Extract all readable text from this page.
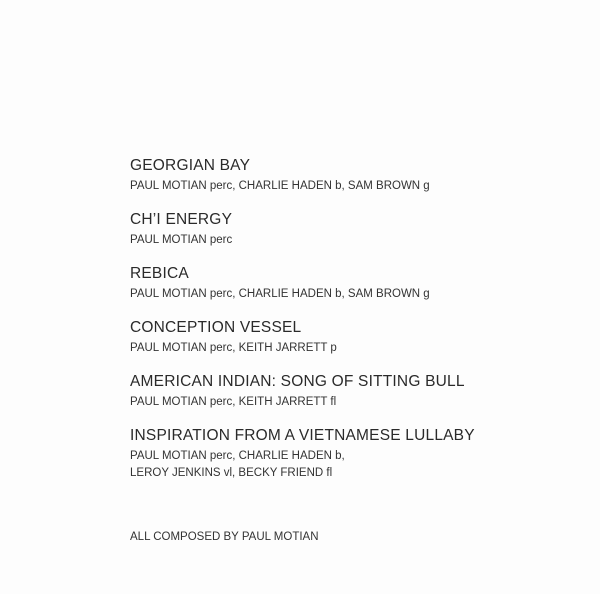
GEORGIAN BAY
PAUL MOTIAN perc, CHARLIE HADEN b, SAM BROWN g
CH’I ENERGY
PAUL MOTIAN perc
REBICA
PAUL MOTIAN perc, CHARLIE HADEN b, SAM BROWN g
CONCEPTION VESSEL
PAUL MOTIAN perc, KEITH JARRETT p
AMERICAN INDIAN: SONG OF SITTING BULL
PAUL MOTIAN perc, KEITH JARRETT fl
INSPIRATION FROM A VIETNAMESE LULLABY
PAUL MOTIAN perc, CHARLIE HADEN b,
LEROY JENKINS vl, BECKY FRIEND fl
ALL COMPOSED BY PAUL MOTIAN
